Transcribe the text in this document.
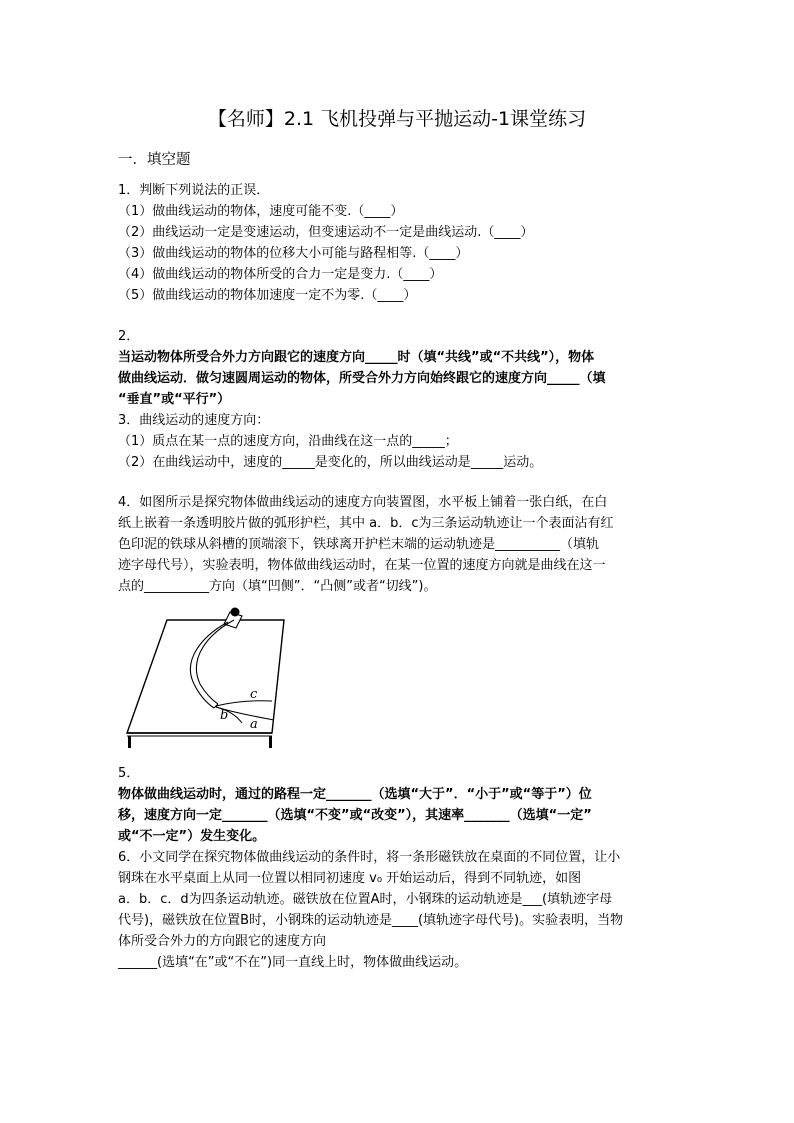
【名师】2.1 飞机投弹与平抛运动-1课堂练习
一．填空题
1．判断下列说法的正误．
（1）做曲线运动的物体，速度可能不变.（____）
（2）曲线运动一定是变速运动，但变速运动不一定是曲线运动.（____）
（3）做曲线运动的物体的位移大小可能与路程相等.（____）
（4）做曲线运动的物体所受的合力一定是变力.（____）
（5）做曲线运动的物体加速度一定不为零.（____）
2．
当运动物体所受合外力方向跟它的速度方向_____时（填“共线”或“不共线”），物体
做曲线运动．做匀速圆周运动的物体，所受合外力方向始终跟它的速度方向_____（填
“垂直”或“平行”）
3．曲线运动的速度方向：
（1）质点在某一点的速度方向，沿曲线在这一点的_____；
（2）在曲线运动中，速度的_____是变化的，所以曲线运动是_____运动。
4．如图所示是探究物体做曲线运动的速度方向装置图，水平板上铺着一张白纸，在白
纸上嵌着一条透明胶片做的弧形护栏，其中 a．b．c为三条运动轨迹让一个表面沾有红
色印泥的铁球从斜槽的顶端滚下，铁球离开护栏末端的运动轨迹是__________（填轨
迹字母代号），实验表明，物体做曲线运动时，在某一位置的速度方向就是曲线在这一
点的__________方向（填“凹侧”．“凸侧”或者“切线”)。
c
b
a
5．
物体做曲线运动时，通过的路程一定_______（选填“大于”．“小于”或“等于”）位
移，速度方向一定_______（选填“不变”或“改变”），其速率_______（选填“一定”
或“不一定”）发生变化。
6．小文同学在探究物体做曲线运动的条件时，将一条形磁铁放在桌面的不同位置，让小
钢珠在水平桌面上从同一位置以相同初速度 v₀ 开始运动后，得到不同轨迹，如图
a．b．c．d为四条运动轨迹。磁铁放在位置A时，小钢珠的运动轨迹是___(填轨迹字母
代号)，磁铁放在位置B时，小钢珠的运动轨迹是____(填轨迹字母代号)。实验表明，当物
体所受合外力的方向跟它的速度方向
______(选填“在”或“不在”)同一直线上时，物体做曲线运动。
